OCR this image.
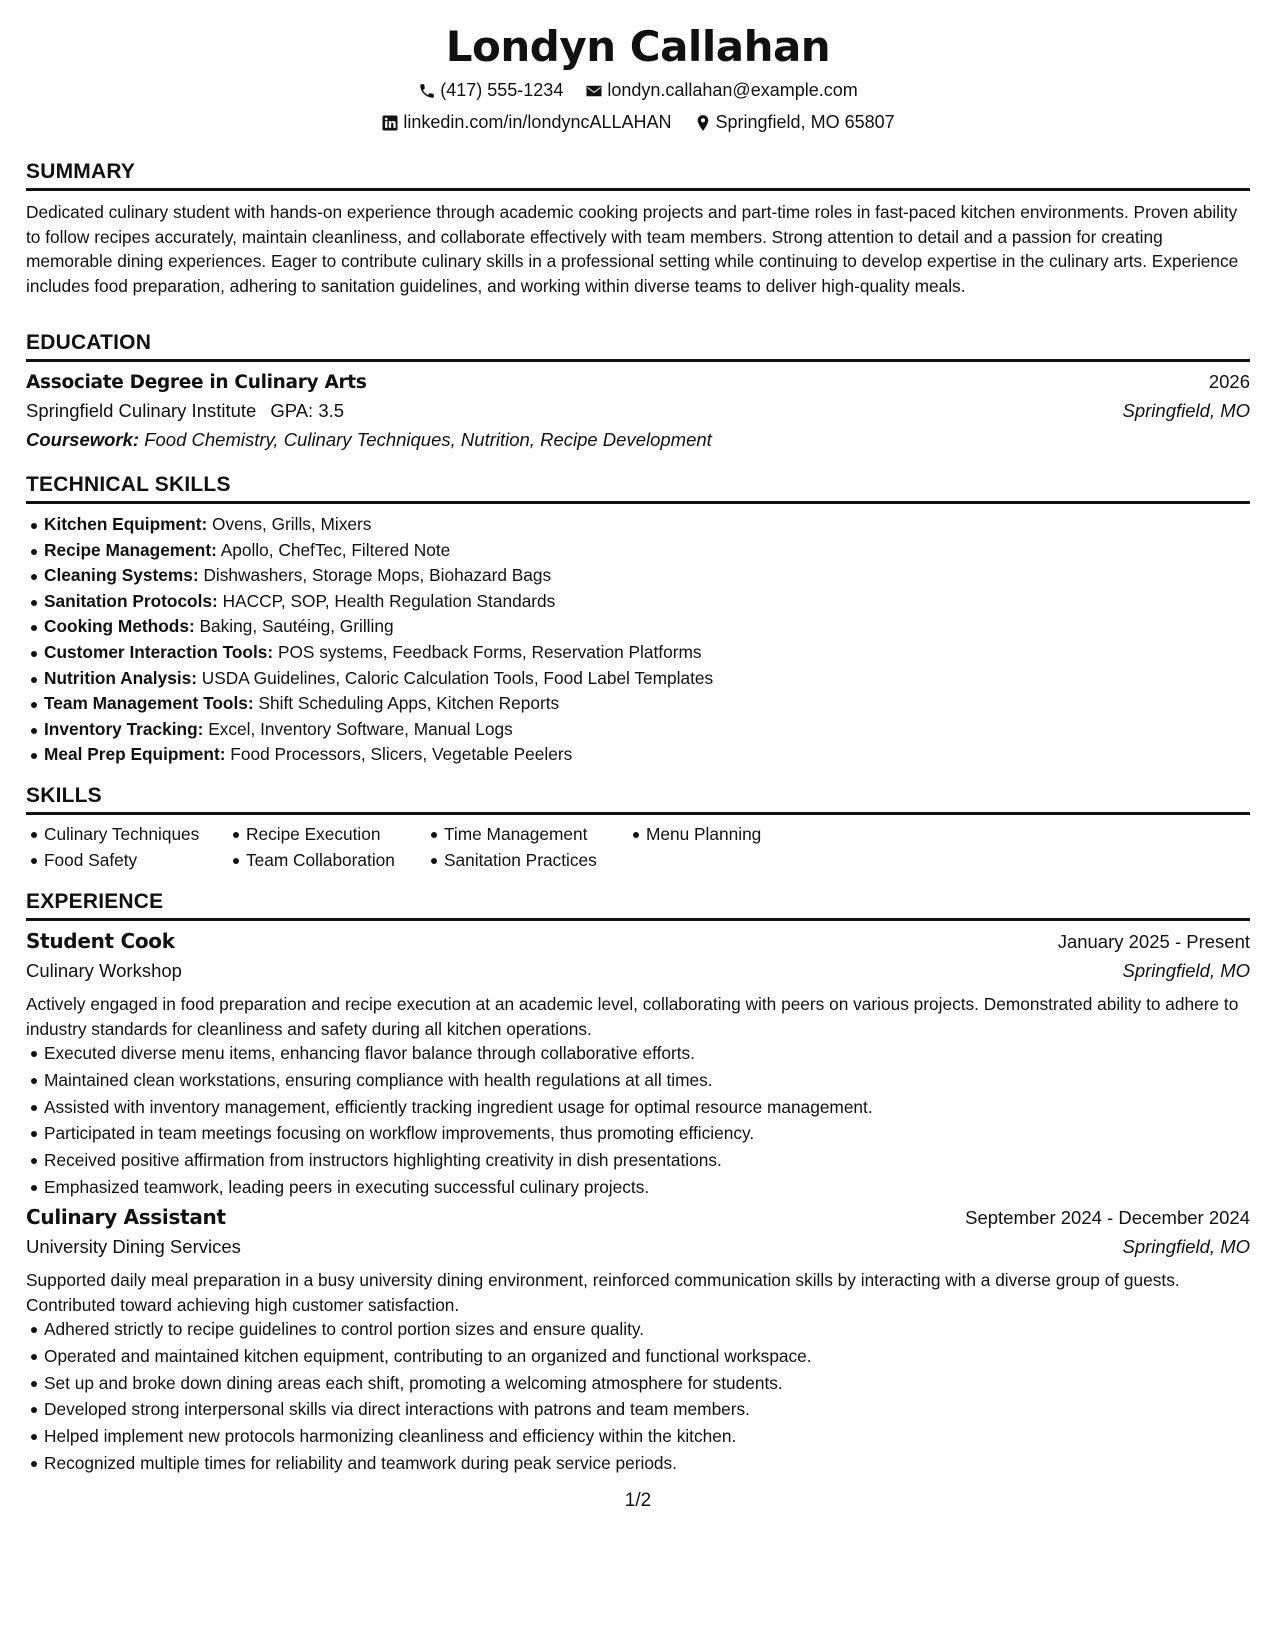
Londyn Callahan
(417) 555-1234 londyn.callahan@example.com
linkedin.com/in/londyncALLAHAN Springfield, MO 65807
SUMMARY
Dedicated culinary student with hands-on experience through academic cooking projects and part-time roles in fast-paced kitchen environments. Proven ability to follow recipes accurately, maintain cleanliness, and collaborate effectively with team members. Strong attention to detail and a passion for creating memorable dining experiences. Eager to contribute culinary skills in a professional setting while continuing to develop expertise in the culinary arts. Experience includes food preparation, adhering to sanitation guidelines, and working within diverse teams to deliver high-quality meals.
EDUCATION
Associate Degree in Culinary Arts	2026
Springfield Culinary Institute GPA: 3.5	Springfield, MO
Coursework: Food Chemistry, Culinary Techniques, Nutrition, Recipe Development
TECHNICAL SKILLS
Kitchen Equipment: Ovens, Grills, Mixers
Recipe Management: Apollo, ChefTec, Filtered Note
Cleaning Systems: Dishwashers, Storage Mops, Biohazard Bags
Sanitation Protocols: HACCP, SOP, Health Regulation Standards
Cooking Methods: Baking, Sautéing, Grilling
Customer Interaction Tools: POS systems, Feedback Forms, Reservation Platforms
Nutrition Analysis: USDA Guidelines, Caloric Calculation Tools, Food Label Templates
Team Management Tools: Shift Scheduling Apps, Kitchen Reports
Inventory Tracking: Excel, Inventory Software, Manual Logs
Meal Prep Equipment: Food Processors, Slicers, Vegetable Peelers
SKILLS
Culinary Techniques	Recipe Execution	Time Management	Menu Planning
Food Safety	Team Collaboration	Sanitation Practices
EXPERIENCE
Student Cook	January 2025 - Present
Culinary Workshop	Springfield, MO
Actively engaged in food preparation and recipe execution at an academic level, collaborating with peers on various projects. Demonstrated ability to adhere to industry standards for cleanliness and safety during all kitchen operations.
Executed diverse menu items, enhancing flavor balance through collaborative efforts.
Maintained clean workstations, ensuring compliance with health regulations at all times.
Assisted with inventory management, efficiently tracking ingredient usage for optimal resource management.
Participated in team meetings focusing on workflow improvements, thus promoting efficiency.
Received positive affirmation from instructors highlighting creativity in dish presentations.
Emphasized teamwork, leading peers in executing successful culinary projects.
Culinary Assistant	September 2024 - December 2024
University Dining Services	Springfield, MO
Supported daily meal preparation in a busy university dining environment, reinforced communication skills by interacting with a diverse group of guests. Contributed toward achieving high customer satisfaction.
Adhered strictly to recipe guidelines to control portion sizes and ensure quality.
Operated and maintained kitchen equipment, contributing to an organized and functional workspace.
Set up and broke down dining areas each shift, promoting a welcoming atmosphere for students.
Developed strong interpersonal skills via direct interactions with patrons and team members.
Helped implement new protocols harmonizing cleanliness and efficiency within the kitchen.
Recognized multiple times for reliability and teamwork during peak service periods.
1/2
